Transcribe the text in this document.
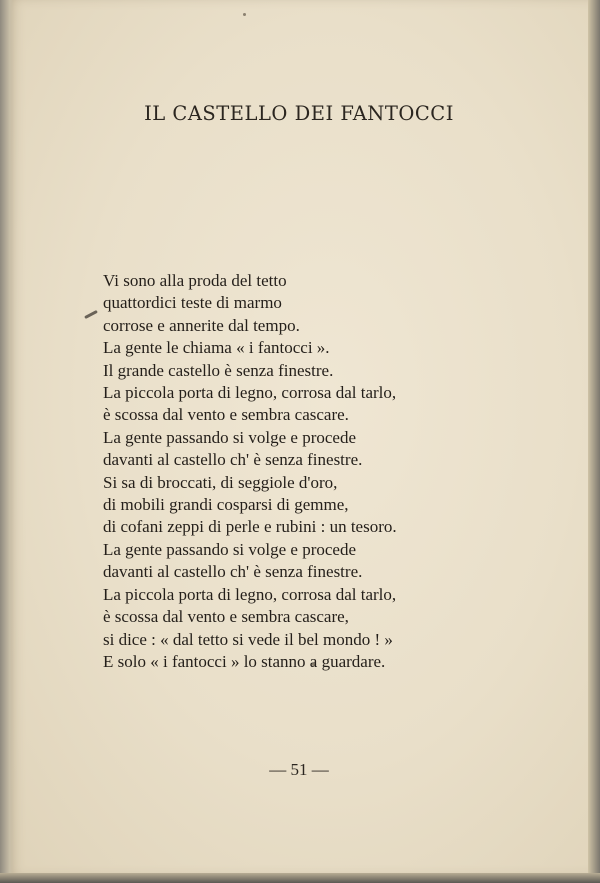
IL CASTELLO DEI FANTOCCI
Vi sono alla proda del tetto
quattordici teste di marmo
corrose e annerite dal tempo.
La gente le chiama « i fantocci ».
Il grande castello è senza finestre.
La piccola porta di legno, corrosa dal tarlo,
è scossa dal vento e sembra cascare.
La gente passando si volge e procede
davanti al castello ch' è senza finestre.
Si sa di broccati, di seggiole d'oro,
di mobili grandi cosparsi di gemme,
di cofani zeppi di perle e rubini : un tesoro.
La gente passando si volge e procede
davanti al castello ch' è senza finestre.
La piccola porta di legno, corrosa dal tarlo,
è scossa dal vento e sembra cascare,
si dice : « dal tetto si vede il bel mondo ! »
E solo « i fantocci » lo stanno a guardare.
— 51 —
